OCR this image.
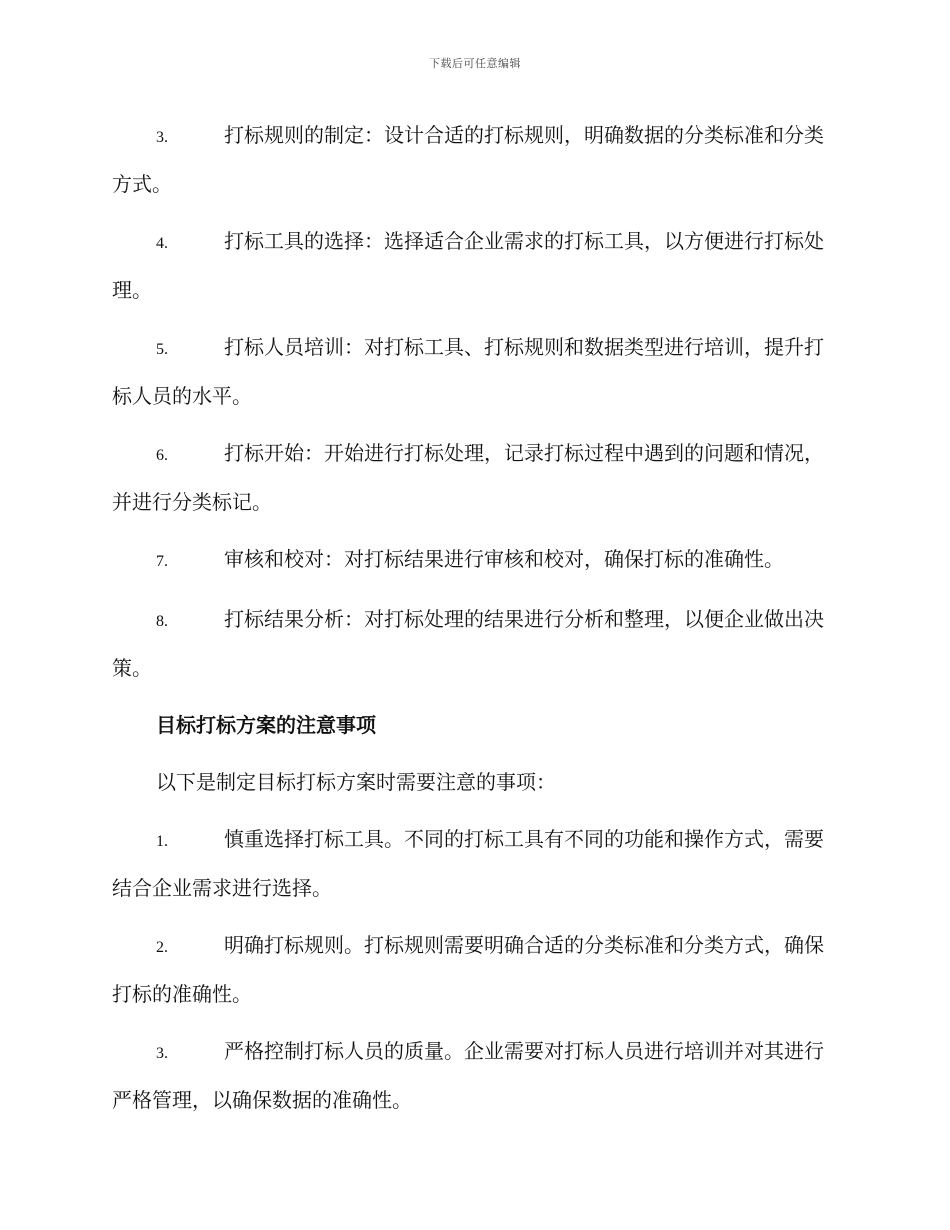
下载后可任意编辑

3.	打标规则的制定：设计合适的打标规则，明确数据的分类标准和分类方式。

4.	打标工具的选择：选择适合企业需求的打标工具，以方便进行打标处理。

5.	打标人员培训：对打标工具、打标规则和数据类型进行培训，提升打标人员的水平。

6.	打标开始：开始进行打标处理，记录打标过程中遇到的问题和情况，并进行分类标记。

7.	审核和校对：对打标结果进行审核和校对，确保打标的准确性。

8.	打标结果分析：对打标处理的结果进行分析和整理，以便企业做出决策。

目标打标方案的注意事项

以下是制定目标打标方案时需要注意的事项：

1.	慎重选择打标工具。不同的打标工具有不同的功能和操作方式，需要结合企业需求进行选择。

2.	明确打标规则。打标规则需要明确合适的分类标准和分类方式，确保打标的准确性。

3.	严格控制打标人员的质量。企业需要对打标人员进行培训并对其进行严格管理，以确保数据的准确性。
